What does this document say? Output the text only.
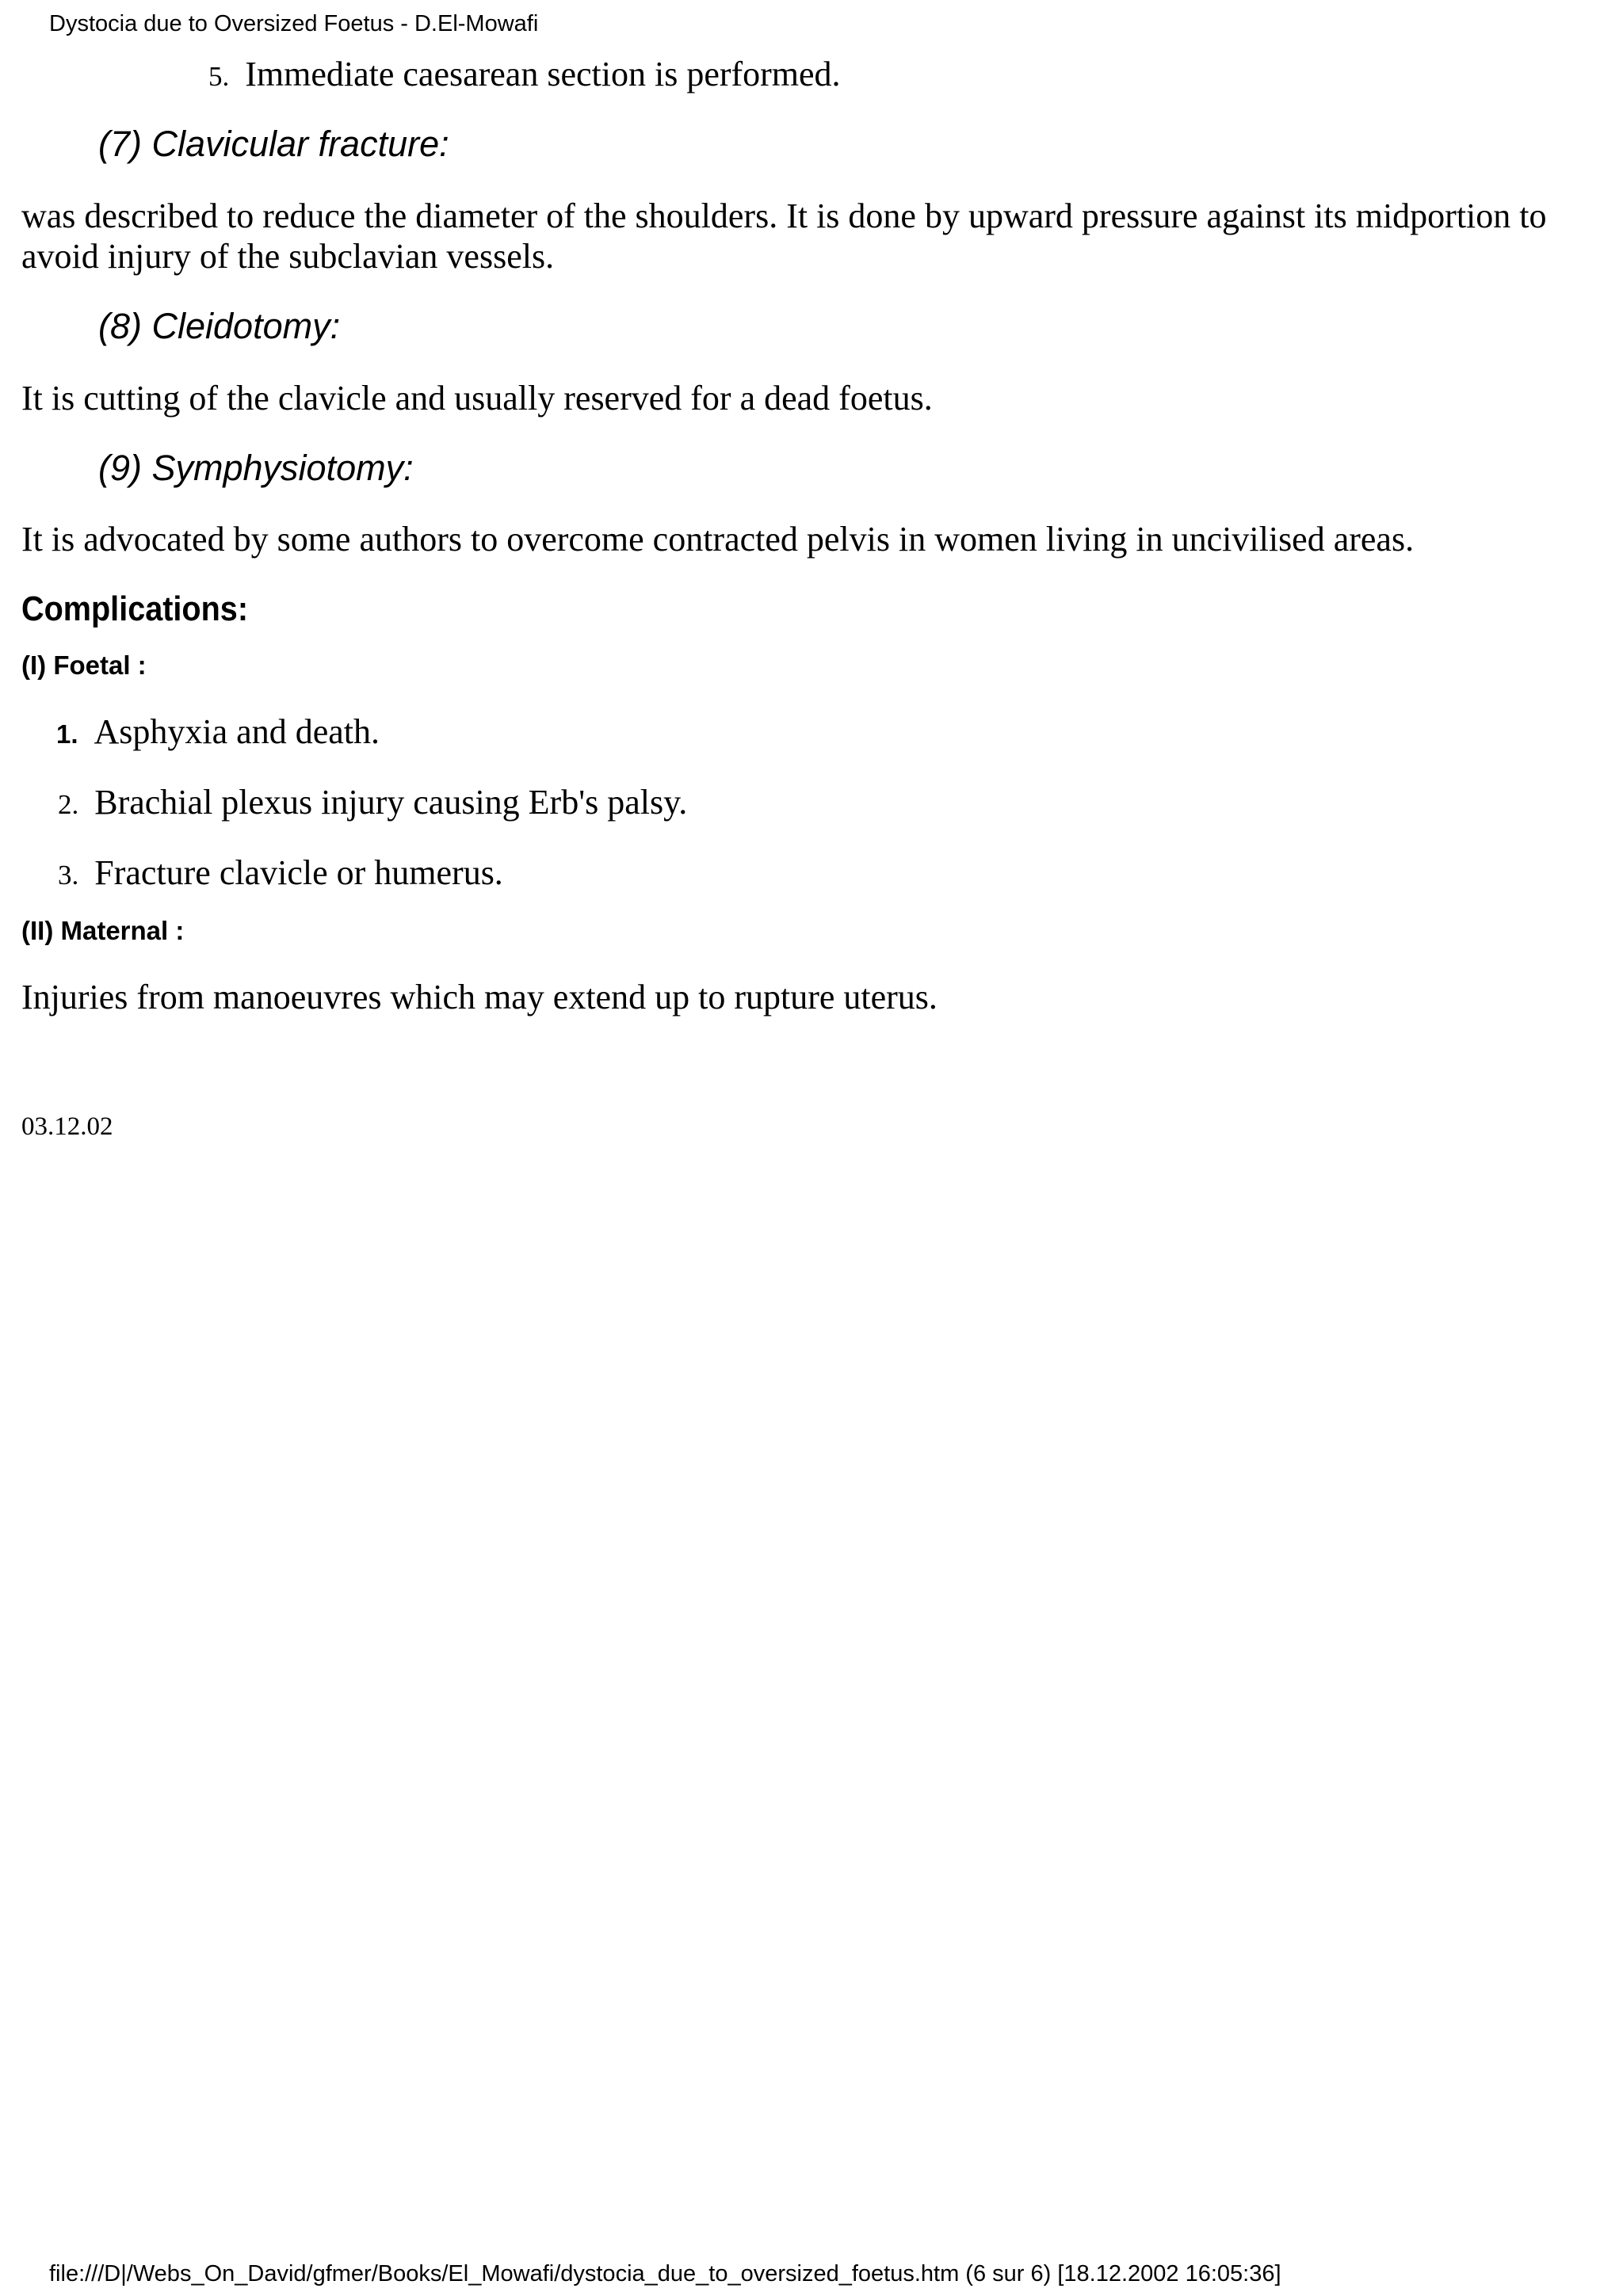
Dystocia due to Oversized Foetus - D.El-Mowafi
5. Immediate caesarean section is performed.
(7) Clavicular fracture:

was described to reduce the diameter of the shoulders. It is done by upward pressure against its midportion to avoid injury of the subclavian vessels.

(8) Cleidotomy:

It is cutting of the clavicle and usually reserved for a dead foetus.

(9) Symphysiotomy:

It is advocated by some authors to overcome contracted pelvis in women living in uncivilised areas.

Complications:
(I) Foetal :
1. Asphyxia and death.
2. Brachial plexus injury causing Erb's palsy.
3. Fracture clavicle or humerus.
(II) Maternal :

Injuries from manoeuvres which may extend up to rupture uterus.

03.12.02
file:///D|/Webs_On_David/gfmer/Books/El_Mowafi/dystocia_due_to_oversized_foetus.htm (6 sur 6) [18.12.2002 16:05:36]
